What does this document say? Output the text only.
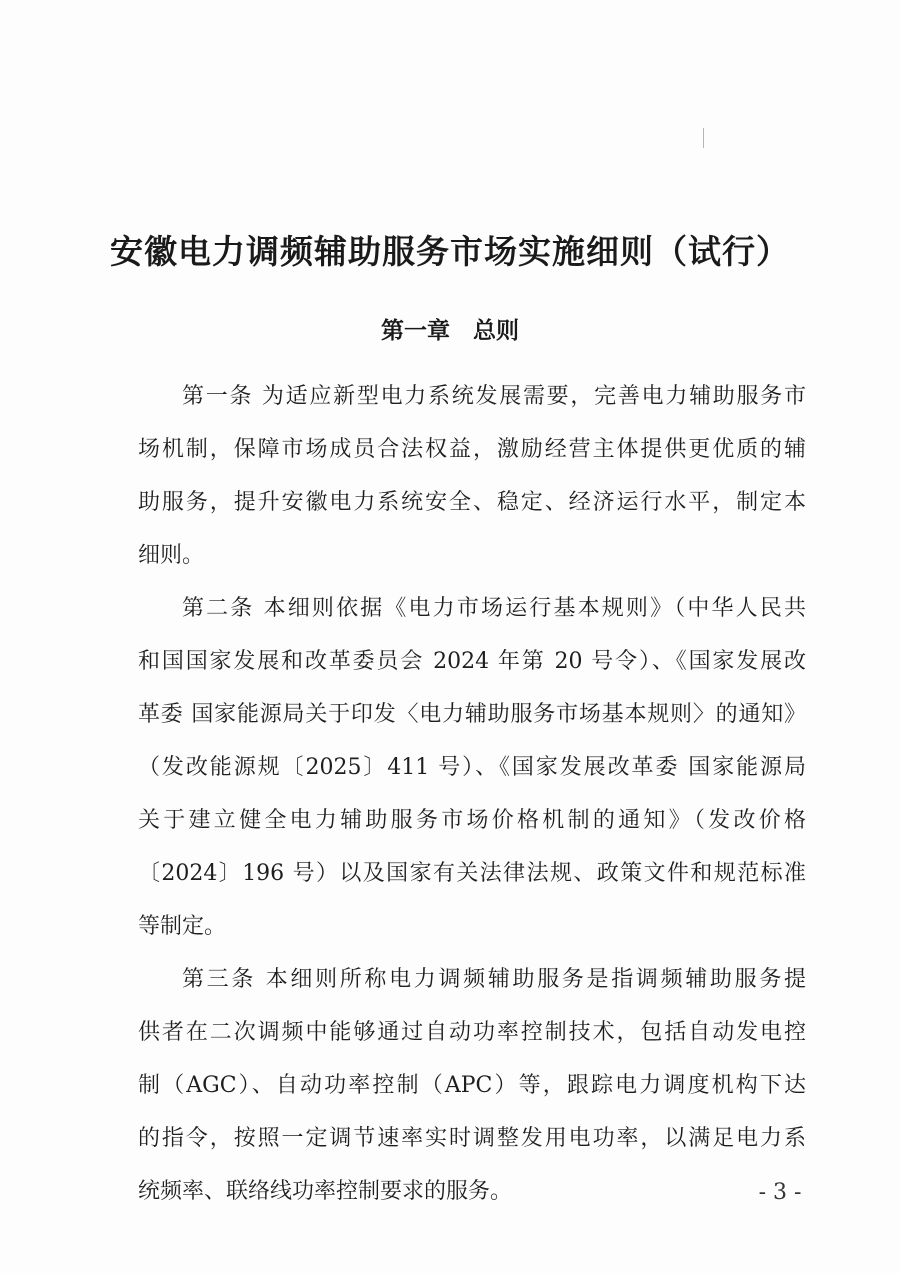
安徽电力调频辅助服务市场实施细则（试行）
第一章　总则

第一条 为适应新型电力系统发展需要，完善电力辅助服务市
场机制，保障市场成员合法权益，激励经营主体提供更优质的辅
助服务，提升安徽电力系统安全、稳定、经济运行水平，制定本
细则。

第二条 本细则依据《电力市场运行基本规则》（中华人民共
和国国家发展和改革委员会 2024 年第 20 号令）、《国家发展改
革委 国家能源局关于印发〈电力辅助服务市场基本规则〉的通知》
（发改能源规〔2025〕411 号）、《国家发展改革委 国家能源局
关于建立健全电力辅助服务市场价格机制的通知》（发改价格
〔2024〕196 号）以及国家有关法律法规、政策文件和规范标准
等制定。

第三条 本细则所称电力调频辅助服务是指调频辅助服务提
供者在二次调频中能够通过自动功率控制技术，包括自动发电控
制（AGC）、自动功率控制（APC）等，跟踪电力调度机构下达
的指令，按照一定调节速率实时调整发用电功率，以满足电力系
统频率、联络线功率控制要求的服务。	- 3 -
